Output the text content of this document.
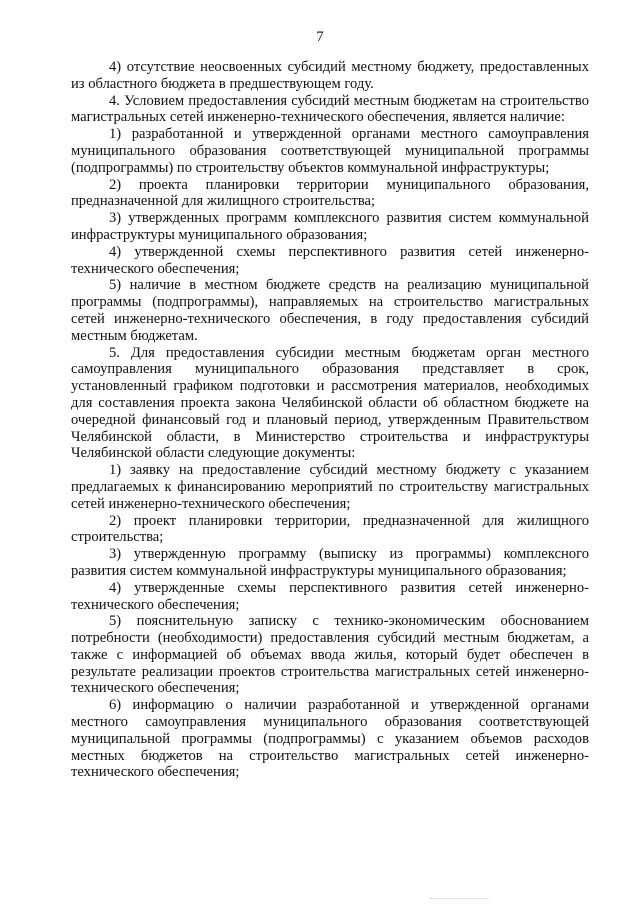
7

4) отсутствие неосвоенных субсидий местному бюджету, предоставленных из областного бюджета в предшествующем году.

4. Условием предоставления субсидий местным бюджетам на строительство магистральных сетей инженерно-технического обеспечения, является наличие:

1) разработанной и утвержденной органами местного самоуправления муниципального образования соответствующей муниципальной программы (подпрограммы) по строительству объектов коммунальной инфраструктуры;

2) проекта планировки территории муниципального образования, предназначенной для жилищного строительства;

3) утвержденных программ комплексного развития систем коммунальной инфраструктуры муниципального образования;

4) утвержденной схемы перспективного развития сетей инженерно-технического обеспечения;

5) наличие в местном бюджете средств на реализацию муниципальной программы (подпрограммы), направляемых на строительство магистральных сетей инженерно-технического обеспечения, в году предоставления субсидий местным бюджетам.

5. Для предоставления субсидии местным бюджетам орган местного самоуправления муниципального образования представляет в срок, установленный графиком подготовки и рассмотрения материалов, необходимых для составления проекта закона Челябинской области об областном бюджете на очередной финансовый год и плановый период, утвержденным Правительством Челябинской области, в Министерство строительства и инфраструктуры Челябинской области следующие документы:

1) заявку на предоставление субсидий местному бюджету с указанием предлагаемых к финансированию мероприятий по строительству магистральных сетей инженерно-технического обеспечения;

2) проект планировки территории, предназначенной для жилищного строительства;

3) утвержденную программу (выписку из программы) комплексного развития систем коммунальной инфраструктуры муниципального образования;

4) утвержденные схемы перспективного развития сетей инженерно-технического обеспечения;

5) пояснительную записку с технико-экономическим обоснованием потребности (необходимости) предоставления субсидий местным бюджетам, а также с информацией об объемах ввода жилья, который будет обеспечен в результате реализации проектов строительства магистральных сетей инженерно-технического обеспечения;

6) информацию о наличии разработанной и утвержденной органами местного самоуправления муниципального образования соответствующей муниципальной программы (подпрограммы) с указанием объемов расходов местных бюджетов на строительство магистральных сетей инженерно-технического обеспечения;
